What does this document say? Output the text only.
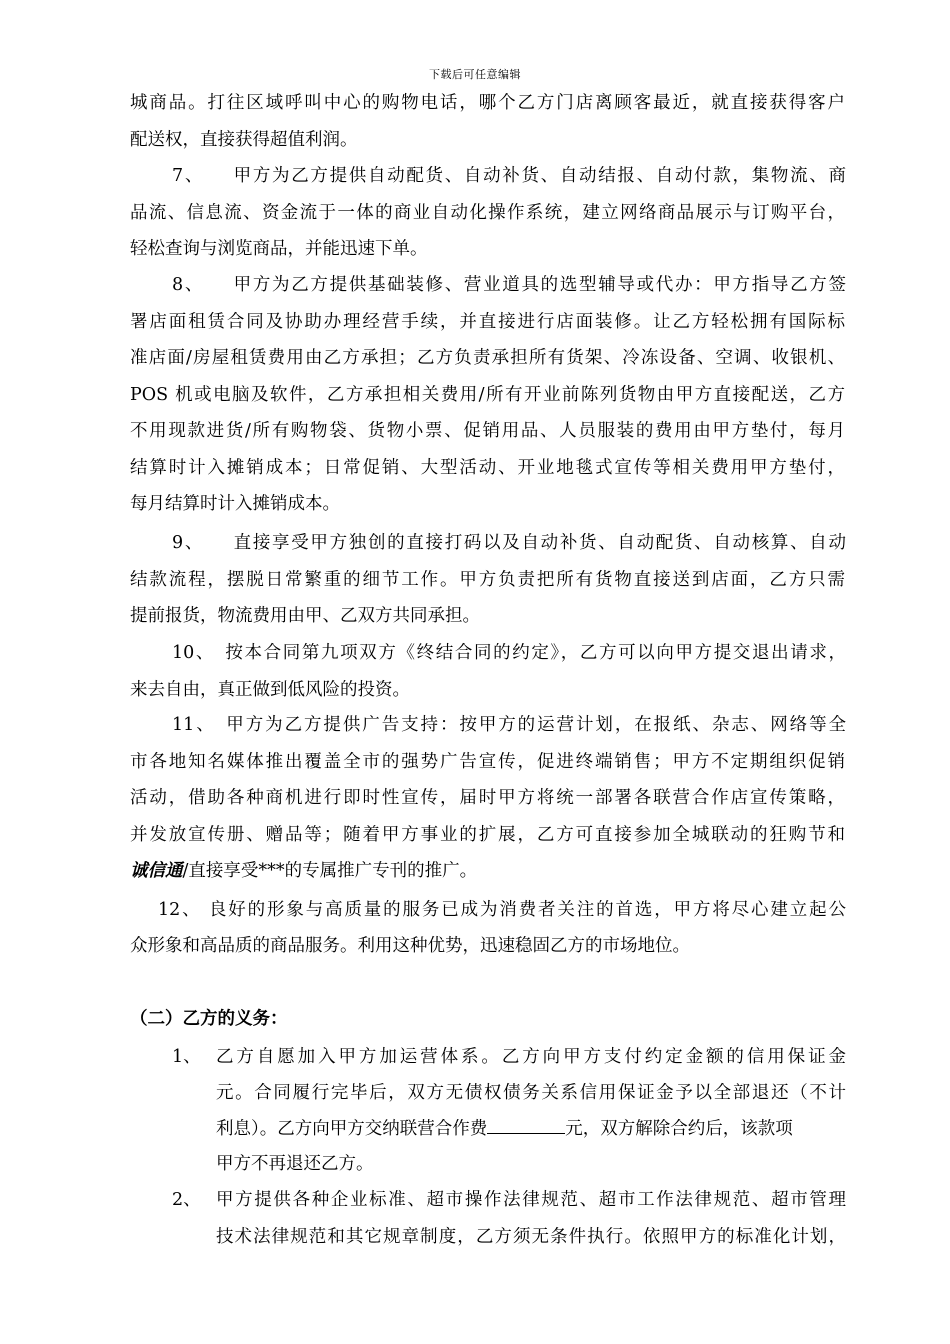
下载后可任意编辑
城商品。打往区域呼叫中心的购物电话，哪个乙方门店离顾客最近，就直接获得客户
配送权，直接获得超值利润。
7、　　甲方为乙方提供自动配货、自动补货、自动结报、自动付款，集物流、商
品流、信息流、资金流于一体的商业自动化操作系统，建立网络商品展示与订购平台，
轻松查询与浏览商品，并能迅速下单。
8、　　甲方为乙方提供基础装修、营业道具的选型辅导或代办：甲方指导乙方签
署店面租赁合同及协助办理经营手续，并直接进行店面装修。让乙方轻松拥有国际标
准店面/房屋租赁费用由乙方承担；乙方负责承担所有货架、冷冻设备、空调、收银机、
POS 机或电脑及软件，乙方承担相关费用/所有开业前陈列货物由甲方直接配送，乙方
不用现款进货/所有购物袋、货物小票、促销用品、人员服装的费用由甲方垫付，每月
结算时计入摊销成本；日常促销、大型活动、开业地毯式宣传等相关费用甲方垫付，
每月结算时计入摊销成本。
9、　　直接享受甲方独创的直接打码以及自动补货、自动配货、自动核算、自动
结款流程，摆脱日常繁重的细节工作。甲方负责把所有货物直接送到店面，乙方只需
提前报货，物流费用由甲、乙双方共同承担。
10、　按本合同第九项双方《终结合同的约定》，乙方可以向甲方提交退出请求，
来去自由，真正做到低风险的投资。
11、　甲方为乙方提供广告支持：按甲方的运营计划，在报纸、杂志、网络等全
市各地知名媒体推出覆盖全市的强势广告宣传，促进终端销售；甲方不定期组织促销
活动，借助各种商机进行即时性宣传，届时甲方将统一部署各联营合作店宣传策略，
并发放宣传册、赠品等；随着甲方事业的扩展，乙方可直接参加全城联动的狂购节和
诚信通/直接享受***的专属推广专刊的推广。
12、 良好的形象与高质量的服务已成为消费者关注的首选，甲方将尽心建立起公
众形象和高品质的商品服务。利用这种优势，迅速稳固乙方的市场地位。
（二）乙方的义务：
1、 乙方自愿加入甲方加运营体系。乙方向甲方支付约定金额的信用保证金
元。合同履行完毕后，双方无债权债务关系信用保证金予以全部退还（不计
利息）。乙方向甲方交纳联营合作费	元，双方解除合约后，该款项
甲方不再退还乙方。
2、 甲方提供各种企业标准、超市操作法律规范、超市工作法律规范、超市管理
技术法律规范和其它规章制度，乙方须无条件执行。依照甲方的标准化计划，
